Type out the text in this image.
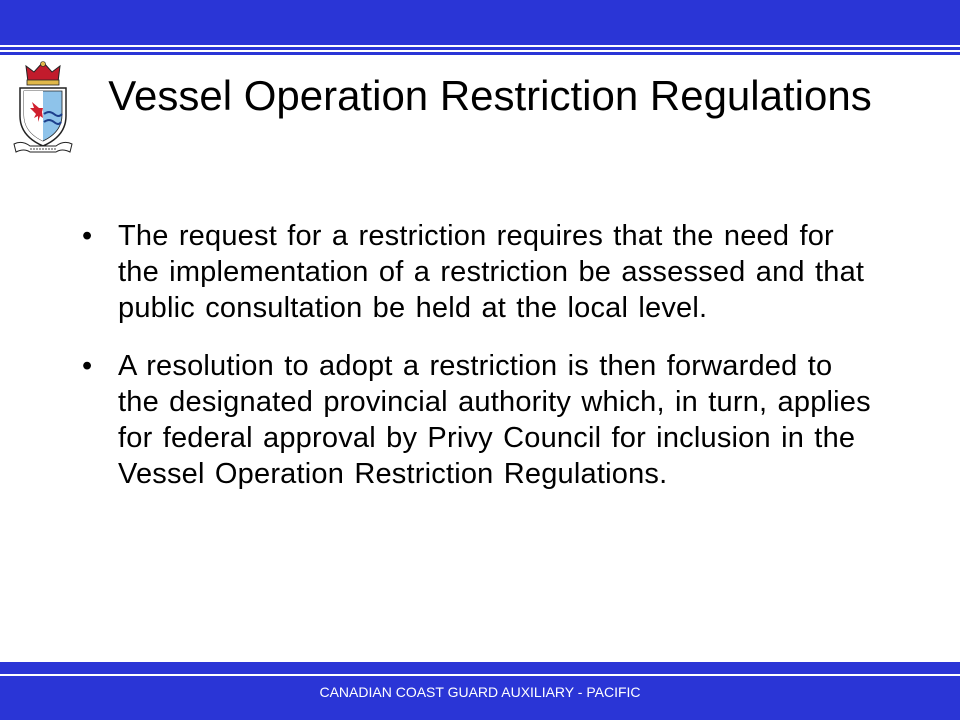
Vessel Operation Restriction Regulations
• The request for a restriction requires that the need for the implementation of a restriction be assessed and that public consultation be held at the local level.
• A resolution to adopt a restriction is then forwarded to the designated provincial authority which, in turn, applies for federal approval by Privy Council for inclusion in the Vessel Operation Restriction Regulations.
CANADIAN COAST GUARD AUXILIARY - PACIFIC
